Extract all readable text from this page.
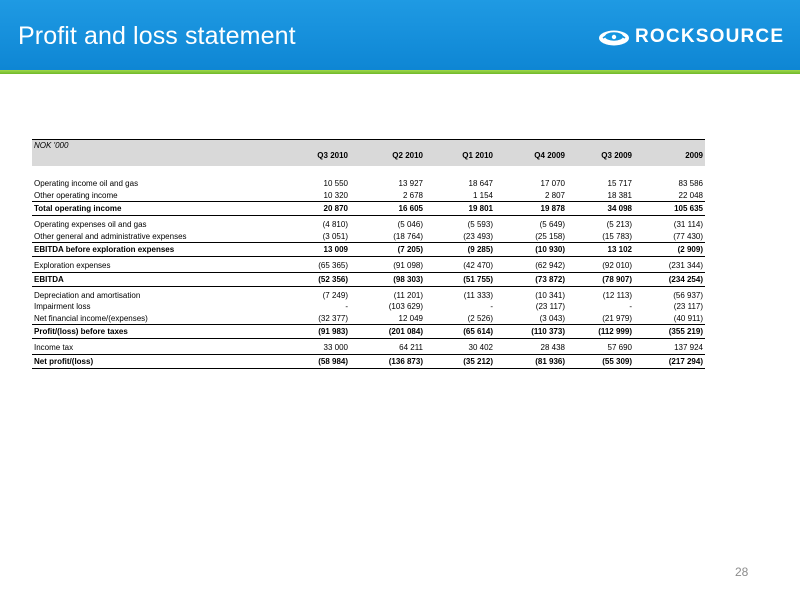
Profit and loss statement	ROCKSOURCE
NOK '000						
	Q3 2010	Q2 2010	Q1 2010	Q4 2009	Q3 2009	2009

Operating income oil and gas	10 550	13 927	18 647	17 070	15 717	83 586
Other operating income	10 320	2 678	1 154	2 807	18 381	22 048
Total operating income	20 870	16 605	19 801	19 878	34 098	105 635
Operating expenses oil and gas	(4 810)	(5 046)	(5 593)	(5 649)	(5 213)	(31 114)
Other general and administrative expenses	(3 051)	(18 764)	(23 493)	(25 158)	(15 783)	(77 430)
EBITDA before exploration expenses	13 009	(7 205)	(9 285)	(10 930)	13 102	(2 909)
Exploration expenses	(65 365)	(91 098)	(42 470)	(62 942)	(92 010)	(231 344)
EBITDA	(52 356)	(98 303)	(51 755)	(73 872)	(78 907)	(234 254)
Depreciation and amortisation	(7 249)	(11 201)	(11 333)	(10 341)	(12 113)	(56 937)
Impairment loss	-	(103 629)	-	(23 117)	-	(23 117)
Net financial income/(expenses)	(32 377)	12 049	(2 526)	(3 043)	(21 979)	(40 911)
Profit/(loss) before taxes	(91 983)	(201 084)	(65 614)	(110 373)	(112 999)	(355 219)
Income tax	33 000	64 211	30 402	28 438	57 690	137 924
Net profit/(loss)	(58 984)	(136 873)	(35 212)	(81 936)	(55 309)	(217 294)
28
